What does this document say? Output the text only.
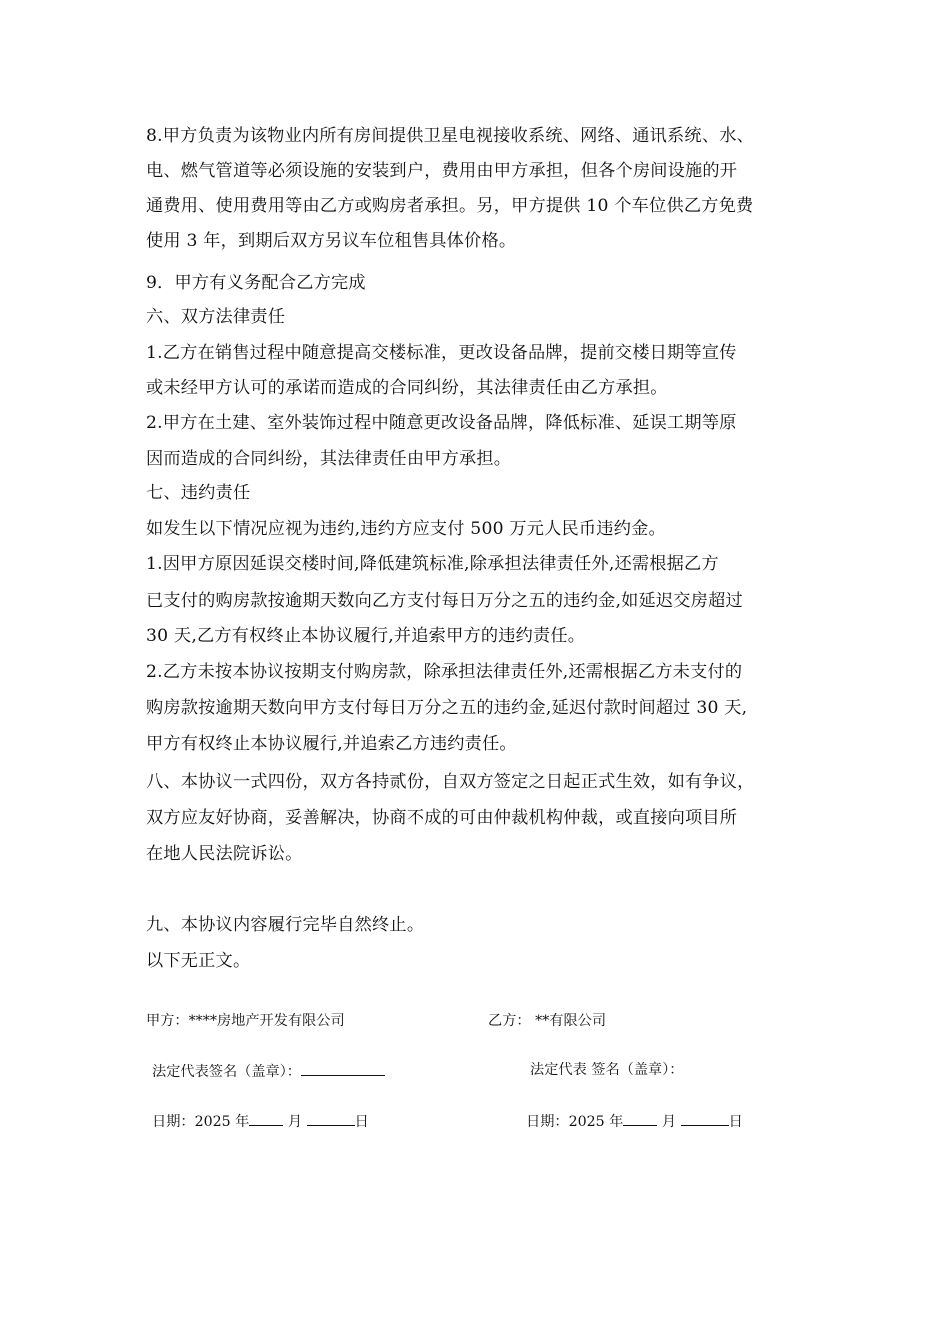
8.甲方负责为该物业内所有房间提供卫星电视接收系统、网络、通讯系统、水、
电、燃气管道等必须设施的安装到户，费用由甲方承担，但各个房间设施的开
通费用、使用费用等由乙方或购房者承担。另，甲方提供 10 个车位供乙方免费
使用 3 年，到期后双方另议车位租售具体价格。
9．甲方有义务配合乙方完成
六、双方法律责任
1.乙方在销售过程中随意提高交楼标准，更改设备品牌，提前交楼日期等宣传
或未经甲方认可的承诺而造成的合同纠纷，其法律责任由乙方承担。
2.甲方在土建、室外装饰过程中随意更改设备品牌，降低标准、延误工期等原
因而造成的合同纠纷，其法律责任由甲方承担。
七、违约责任
如发生以下情况应视为违约,违约方应支付 500 万元人民币违约金。
1.因甲方原因延误交楼时间,降低建筑标准,除承担法律责任外,还需根据乙方
已支付的购房款按逾期天数向乙方支付每日万分之五的违约金,如延迟交房超过
30 天,乙方有权终止本协议履行,并追索甲方的违约责任。
2.乙方未按本协议按期支付购房款，除承担法律责任外,还需根据乙方未支付的
购房款按逾期天数向甲方支付每日万分之五的违约金,延迟付款时间超过 30 天,
甲方有权终止本协议履行,并追索乙方违约责任。
八、本协议一式四份，双方各持贰份，自双方签定之日起正式生效，如有争议，
双方应友好协商，妥善解决，协商不成的可由仲裁机构仲裁，或直接向项目所
在地人民法院诉讼。
九、本协议内容履行完毕自然终止。
以下无正文。
甲方：****房地产开发有限公司	乙方： **有限公司
法定代表签名（盖章）：	法定代表 签名（盖章）：
日期：2025 年	月	日	日期：2025 年	月	日
